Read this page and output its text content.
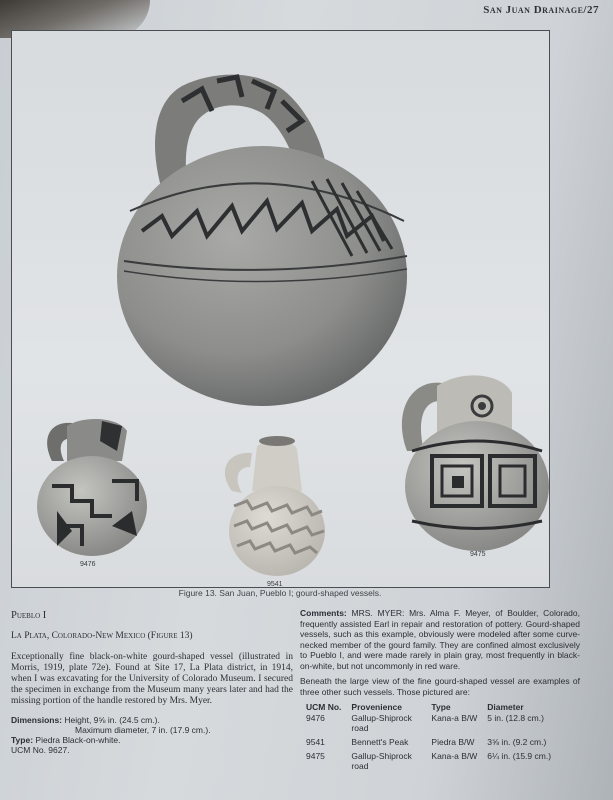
San Juan Drainage/27
9476
9541
9475
Figure 13. San Juan, Pueblo I; gourd-shaped vessels.
Pueblo I
La Plata, Colorado-New Mexico (Figure 13)

Exceptionally fine black-on-white gourd-shaped vessel (illustrated in Morris, 1919, plate 72e). Found at Site 17, La Plata district, in 1914, when I was excavating for the University of Colorado Museum. I secured the specimen in exchange from the Museum many years later and had the missing portion of the handle restored by Mrs. Myer.

Dimensions: Height, 9⅝ in. (24.5 cm.).
Maximum diameter, 7 in. (17.9 cm.).
Type: Piedra Black-on-white.
UCM No. 9627.

Comments: MRS. MYER: Mrs. Alma F. Meyer, of Boulder, Colorado, frequently assisted Earl in repair and restoration of pottery. Gourd-shaped vessels, such as this example, obviously were modeled after some curve-necked member of the gourd family. They are confined almost exclusively to Pueblo I, and were made rarely in plain gray, most frequently in black-on-white, but not uncommonly in red ware.

Beneath the large view of the fine gourd-shaped vessel are examples of three other such vessels. Those pictured are:

UCM No.	Provenience	Type	Diameter
9476	Gallup-Shiprock road	Kana-a B/W	5 in. (12.8 cm.)
9541	Bennett's Peak	Piedra B/W	3⅝ in. (9.2 cm.)
9475	Gallup-Shiprock road	Kana-a B/W	6¼ in. (15.9 cm.)
